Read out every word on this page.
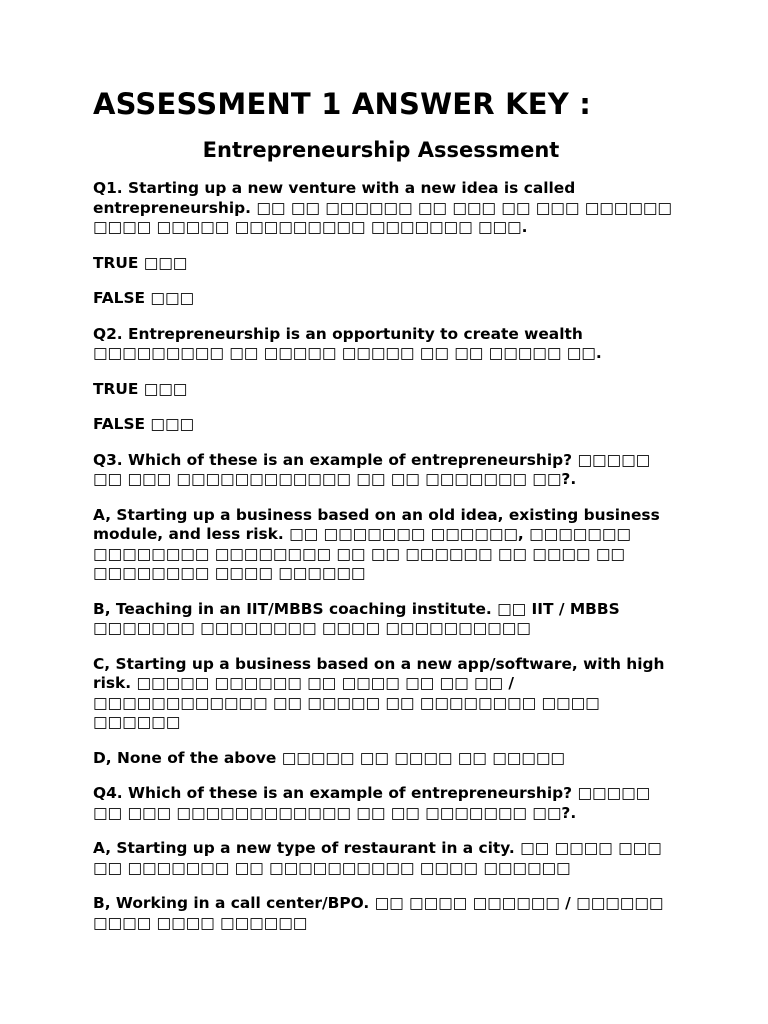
ASSESSMENT 1 ANSWER KEY :
Entrepreneurship Assessment

Q1. Starting up a new venture with a new idea is called entrepreneurship. □□ □□ □□□□□□ □□ □□□ □□ □□□ □□□□□□ □□□□ □□□□□ □□□□□□□□□ □□□□□□□ □□□.

TRUE □□□

FALSE □□□

Q2. Entrepreneurship is an opportunity to create wealth □□□□□□□□□ □□ □□□□□ □□□□□ □□ □□ □□□□□ □□.

TRUE □□□

FALSE □□□

Q3. Which of these is an example of entrepreneurship? □□□□□ □□ □□□ □□□□□□□□□□□□ □□ □□ □□□□□□□ □□?.

A, Starting up a business based on an old idea, existing business module, and less risk. □□ □□□□□□□ □□□□□□, □□□□□□□ □□□□□□□□ □□□□□□□□ □□ □□ □□□□□□ □□ □□□□ □□ □□□□□□□□ □□□□ □□□□□□

B, Teaching in an IIT/MBBS coaching institute. □□ IIT / MBBS □□□□□□□ □□□□□□□□ □□□□ □□□□□□□□□□

C, Starting up a business based on a new app/software, with high risk. □□□□□ □□□□□□ □□ □□□□ □□ □□ □□ / □□□□□□□□□□□□ □□ □□□□□ □□ □□□□□□□□ □□□□ □□□□□□

D, None of the above □□□□□ □□ □□□□ □□ □□□□□

Q4. Which of these is an example of entrepreneurship? □□□□□ □□ □□□ □□□□□□□□□□□□ □□ □□ □□□□□□□ □□?.

A, Starting up a new type of restaurant in a city. □□ □□□□ □□□ □□ □□□□□□□ □□ □□□□□□□□□□ □□□□ □□□□□□

B, Working in a call center/BPO. □□ □□□□ □□□□□□ / □□□□□□ □□□□ □□□□ □□□□□□
